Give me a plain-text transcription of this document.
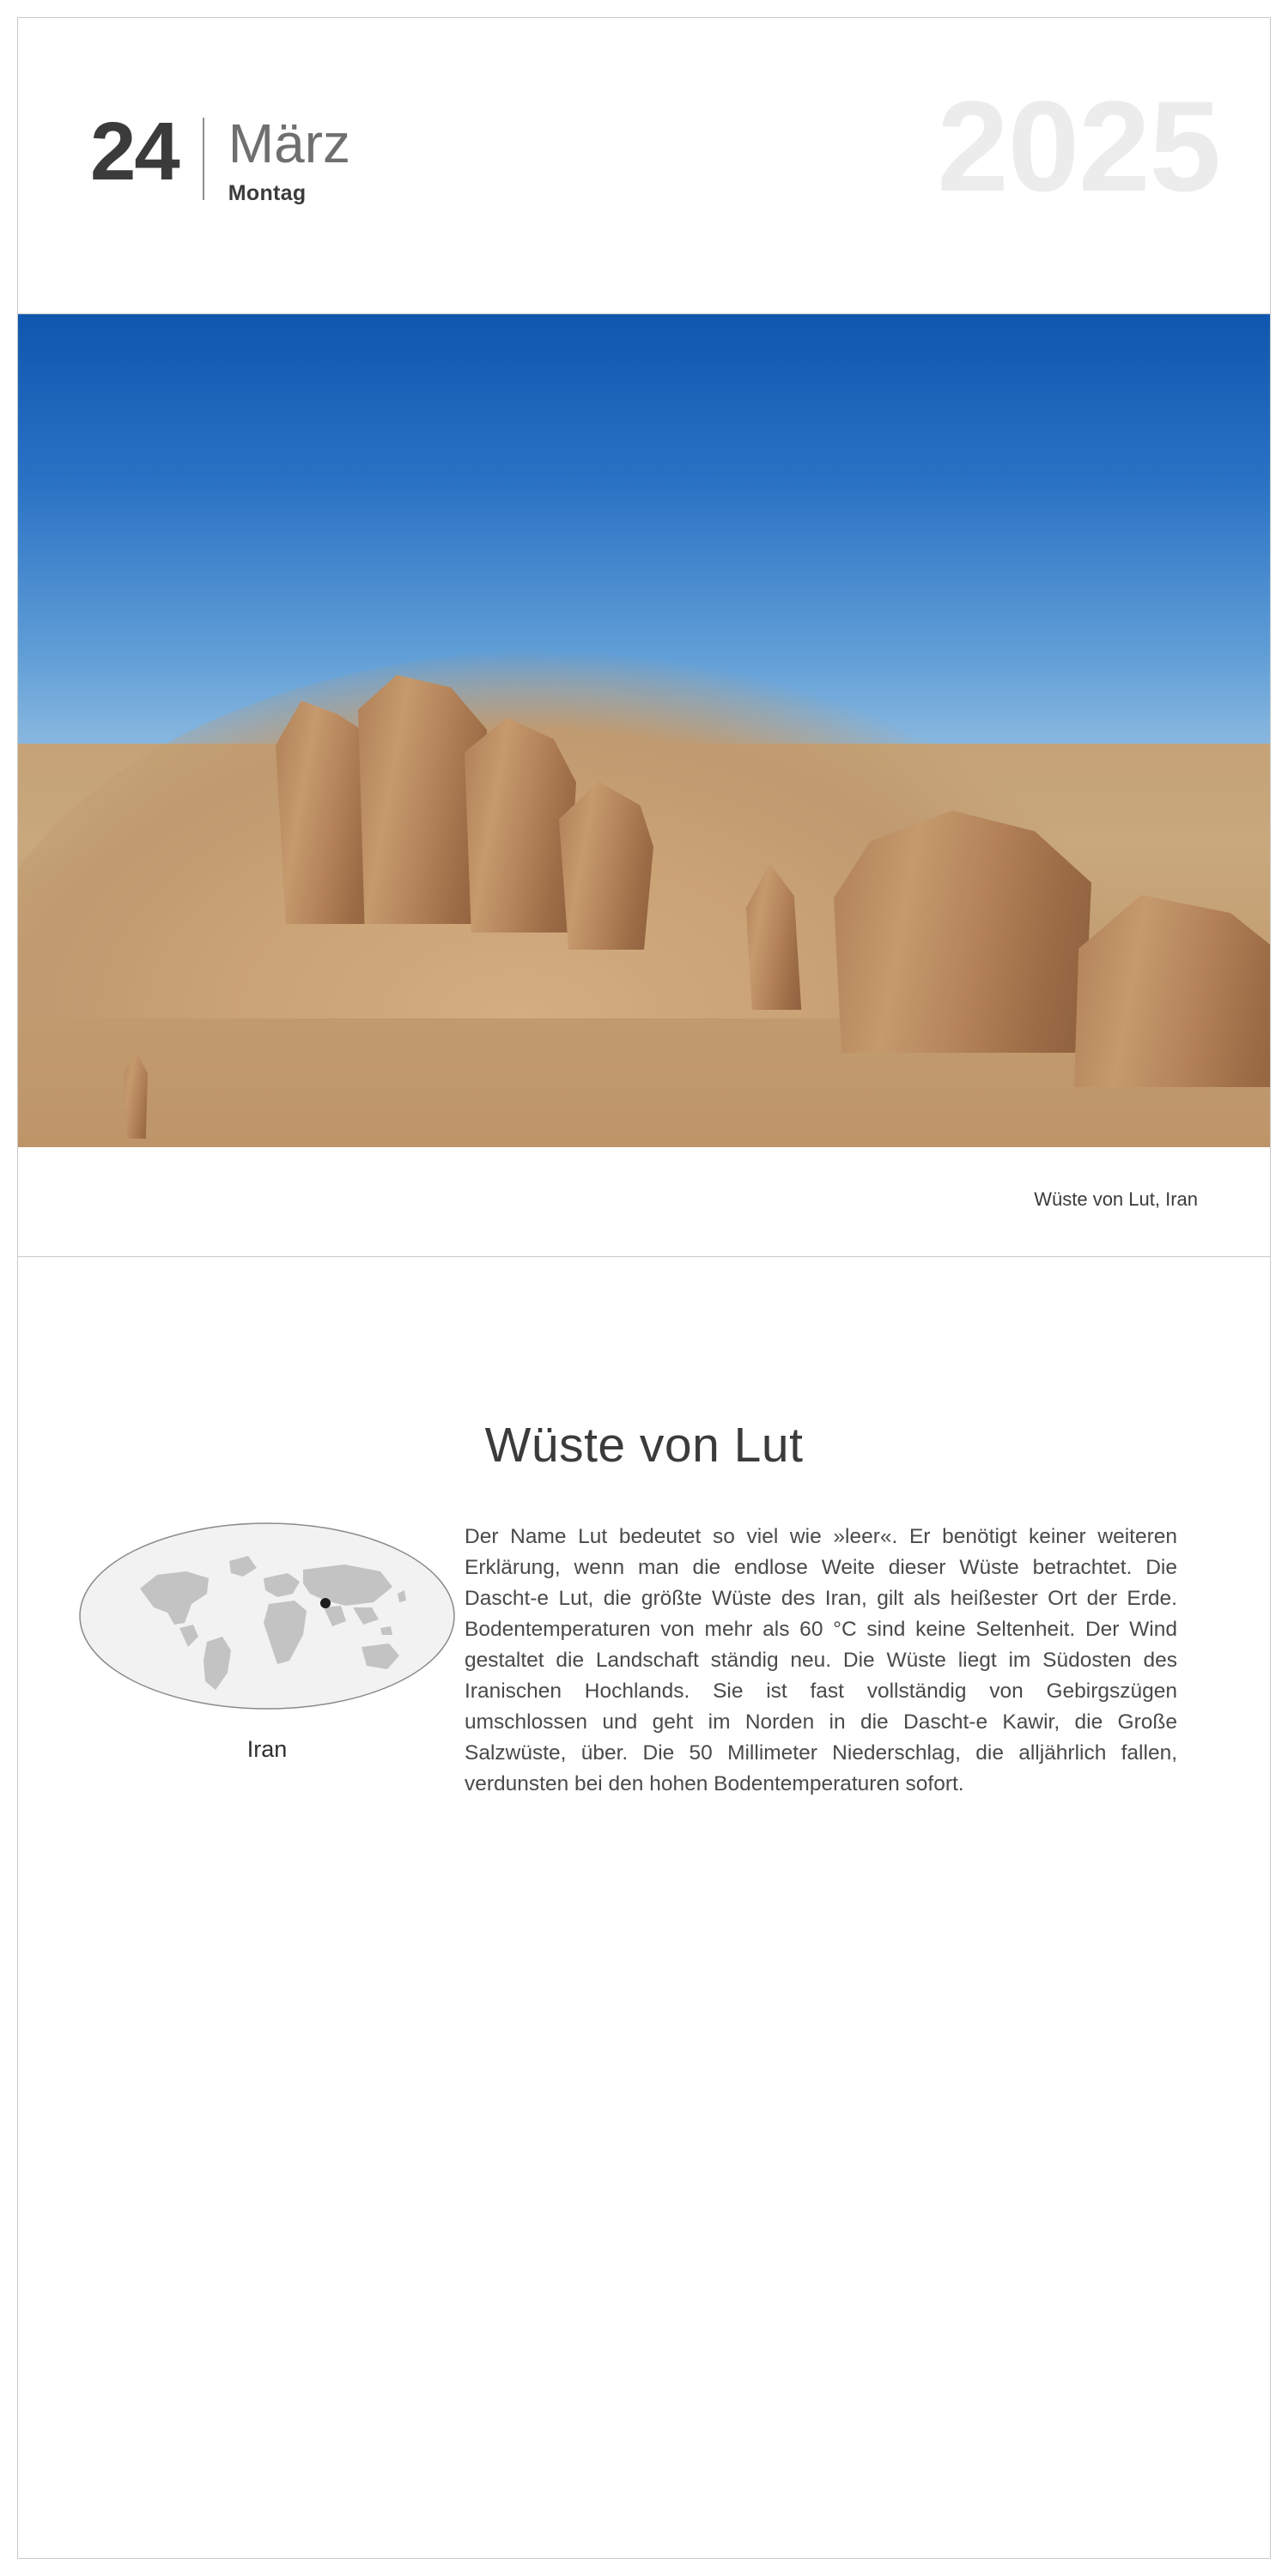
24 März
Montag	2025
Wüste von Lut, Iran
Wüste von Lut
Iran

Der Name Lut bedeutet so viel wie »leer«. Er benötigt keiner weiteren Erklärung, wenn man die endlose Weite dieser Wüste betrachtet. Die Dascht-e Lut, die größte Wüste des Iran, gilt als heißester Ort der Erde. Bodentemperaturen von mehr als 60 °C sind keine Seltenheit. Der Wind gestaltet die Landschaft ständig neu. Die Wüste liegt im Südosten des Iranischen Hochlands. Sie ist fast vollständig von Gebirgszügen umschlossen und geht im Norden in die Dascht-e Kawir, die Große Salzwüste, über. Die 50 Millimeter Niederschlag, die alljährlich fallen, verdunsten bei den hohen Bodentemperaturen sofort.
